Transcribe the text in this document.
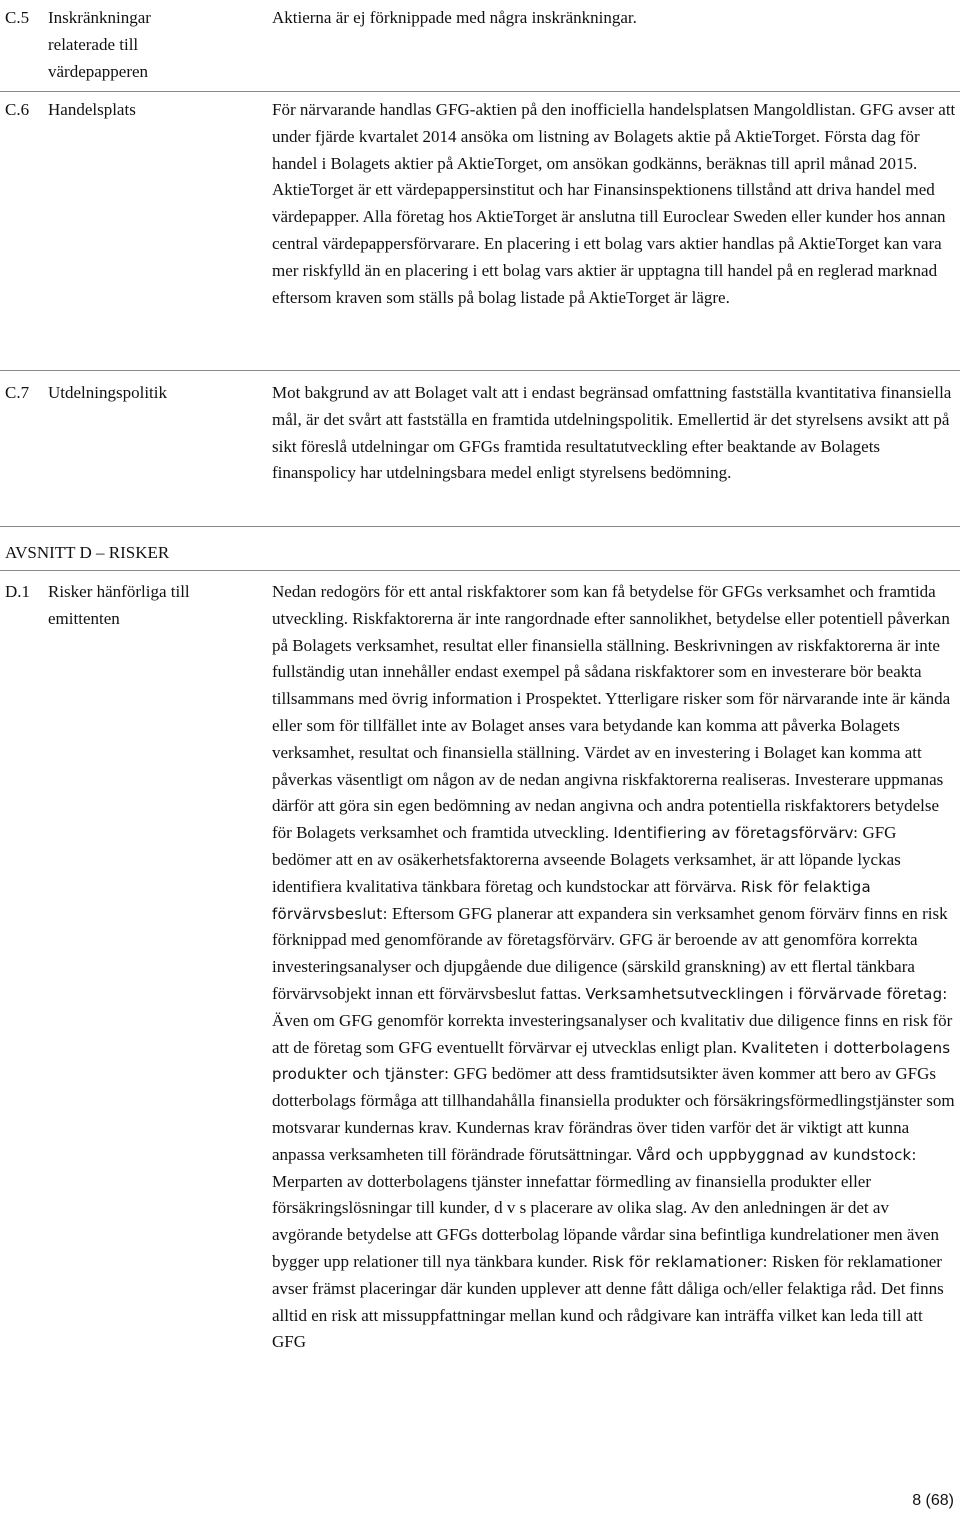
C.5 Inskränkningar relaterade till värdepapperen

Aktierna är ej förknippade med några inskränkningar.

C.6 Handelsplats	För närvarande handlas GFG-aktien på den inofficiella handelsplatsen Mangoldlistan. GFG avser att under fjärde kvartalet 2014 ansöka om listning av Bolagets aktie på AktieTorget. Första dag för handel i Bolagets aktier på AktieTorget, om ansökan godkänns, beräknas till april månad 2015. AktieTorget är ett värdepappersinstitut och har Finansinspektionens tillstånd att driva handel med värdepapper. Alla företag hos AktieTorget är anslutna till Euroclear Sweden eller kunder hos annan central värdepappersförvarare. En placering i ett bolag vars aktier handlas på AktieTorget kan vara mer riskfylld än en placering i ett bolag vars aktier är upptagna till handel på en reglerad marknad eftersom kraven som ställs på bolag listade på AktieTorget är lägre.

C.7 Utdelningspolitik	Mot bakgrund av att Bolaget valt att i endast begränsad omfattning fastställa kvantitativa finansiella mål, är det svårt att fastställa en framtida utdelningspolitik. Emellertid är det styrelsens avsikt att på sikt föreslå utdelningar om GFGs framtida resultatutveckling efter beaktande av Bolagets finanspolicy har utdelningsbara medel enligt styrelsens bedömning.

AVSNITT D – RISKER
D.1 Risker hänförliga till emittenten
Nedan redogörs för ett antal riskfaktorer som kan få betydelse för GFGs verksamhet och framtida utveckling. Riskfaktorerna är inte rangordnade efter sannolikhet, betydelse eller potentiell påverkan på Bolagets verksamhet, resultat eller finansiella ställning. Beskrivningen av riskfaktorerna är inte fullständig utan innehåller endast exempel på sådana riskfaktorer som en investerare bör beakta tillsammans med övrig information i Prospektet. Ytterligare risker som för närvarande inte är kända eller som för tillfället inte av Bolaget anses vara betydande kan komma att påverka Bolagets verksamhet, resultat och finansiella ställning. Värdet av en investering i Bolaget kan komma att påverkas väsentligt om någon av de nedan angivna riskfaktorerna realiseras. Investerare uppmanas därför att göra sin egen bedömning av nedan angivna och andra potentiella riskfaktorers betydelse för Bolagets verksamhet och framtida utveckling. Identifiering av företagsförvärv: GFG bedömer att en av osäkerhetsfaktorerna avseende Bolagets verksamhet, är att löpande lyckas identifiera kvalitativa tänkbara företag och kundstockar att förvärva. Risk för felaktiga förvärvsbeslut: Eftersom GFG planerar att expandera sin verksamhet genom förvärv finns en risk förknippad med genomförande av företagsförvärv. GFG är beroende av att genomföra korrekta investeringsanalyser och djupgående due diligence (särskild granskning) av ett flertal tänkbara förvärvsobjekt innan ett förvärvsbeslut fattas. Verksamhetsutvecklingen i förvärvade företag: Även om GFG genomför korrekta investeringsanalyser och kvalitativ due diligence finns en risk för att de företag som GFG eventuellt förvärvar ej utvecklas enligt plan. Kvaliteten i dotterbolagens produkter och tjänster: GFG bedömer att dess framtidsutsikter även kommer att bero av GFGs dotterbolags förmåga att tillhandahålla finansiella produkter och försäkringsförmedlingstjänster som motsvarar kundernas krav. Kundernas krav förändras över tiden varför det är viktigt att kunna anpassa verksamheten till förändrade förutsättningar. Vård och uppbyggnad av kundstock: Merparten av dotterbolagens tjänster innefattar förmedling av finansiella produkter eller försäkringslösningar till kunder, d v s placerare av olika slag. Av den anledningen är det av avgörande betydelse att GFGs dotterbolag löpande vårdar sina befintliga kundrelationer men även bygger upp relationer till nya tänkbara kunder. Risk för reklamationer: Risken för reklamationer avser främst placeringar där kunden upplever att denne fått dåliga och/eller felaktiga råd. Det finns alltid en risk att missuppfattningar mellan kund och rådgivare kan inträffa vilket kan leda till att GFG
8 (68)
